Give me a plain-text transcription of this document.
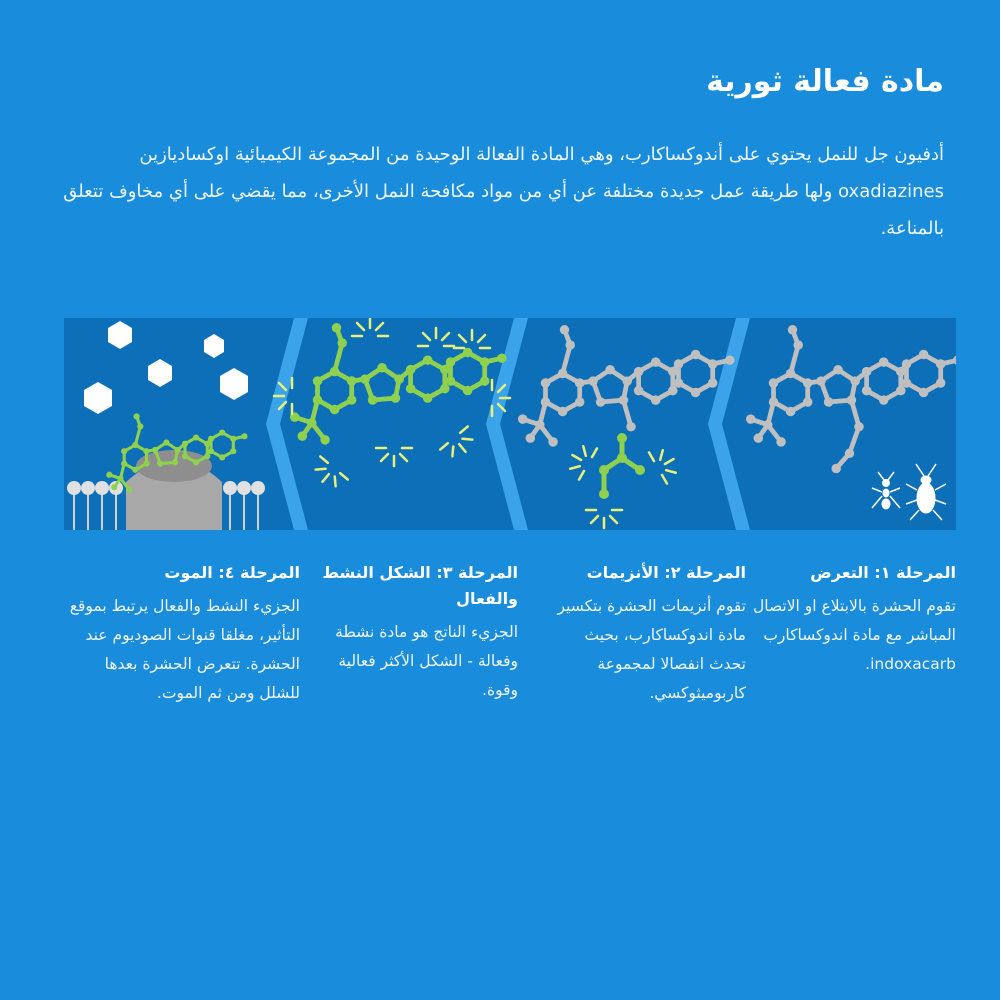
مادة فعالة ثورية

أدفيون جل للنمل يحتوي على أندوكساكارب، وهي المادة الفعالة الوحيدة من المجموعة الكيميائية اوكساديازين oxadiazines ولها طريقة عمل جديدة مختلفة عن أي من مواد مكافحة النمل الأخرى، مما يقضي على أي مخاوف تتعلق بالمناعة.

المرحلة ١: التعرض

تقوم الحشرة بالابتلاع او الاتصال المباشر مع مادة اندوكساكارب indoxacarb.

المرحلة ٢: الأنزيمات

تقوم أنزيمات الحشرة بتكسير مادة اندوكساكارب، بحيث تحدث انفصالا لمجموعة كاربوميثوكسي.

المرحلة ٣: الشكل النشط والفعال

الجزيء الناتج هو مادة نشطة وفعالة - الشكل الأكثر فعالية وقوة.

المرحلة ٤: الموت

الجزيء النشط والفعال يرتبط بموقع التأثير، مغلقا قنوات الصوديوم عند الحشرة. تتعرض الحشرة بعدها للشلل ومن ثم الموت.
